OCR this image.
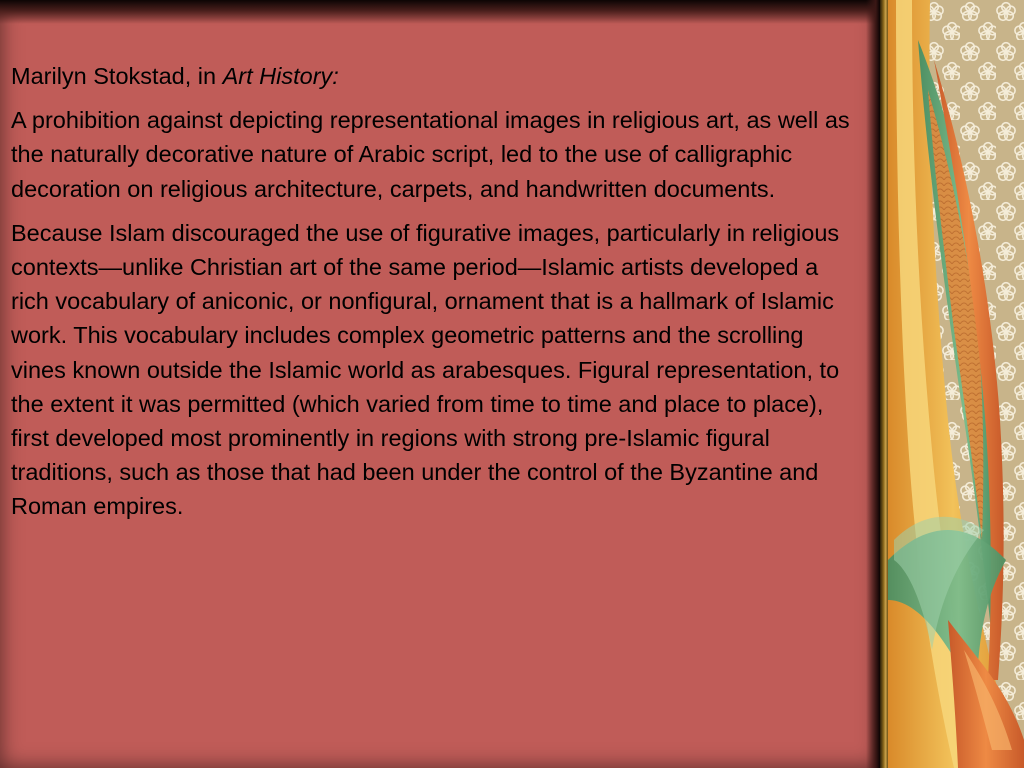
Marilyn Stokstad, in Art History:

A prohibition against depicting representational images in religious art, as well as the naturally decorative nature of Arabic script, led to the use of calligraphic decoration on religious architecture, carpets, and handwritten documents.

Because Islam discouraged the use of figurative images, particularly in religious contexts—unlike Christian art of the same period—Islamic artists developed a rich vocabulary of aniconic, or nonfigural, ornament that is a hallmark of Islamic work. This vocabulary includes complex geometric patterns and the scrolling vines known outside the Islamic world as arabesques. Figural representation, to the extent it was permitted (which varied from time to time and place to place), first developed most prominently in regions with strong pre-Islamic figural traditions, such as those that had been under the control of the Byzantine and Roman empires.
